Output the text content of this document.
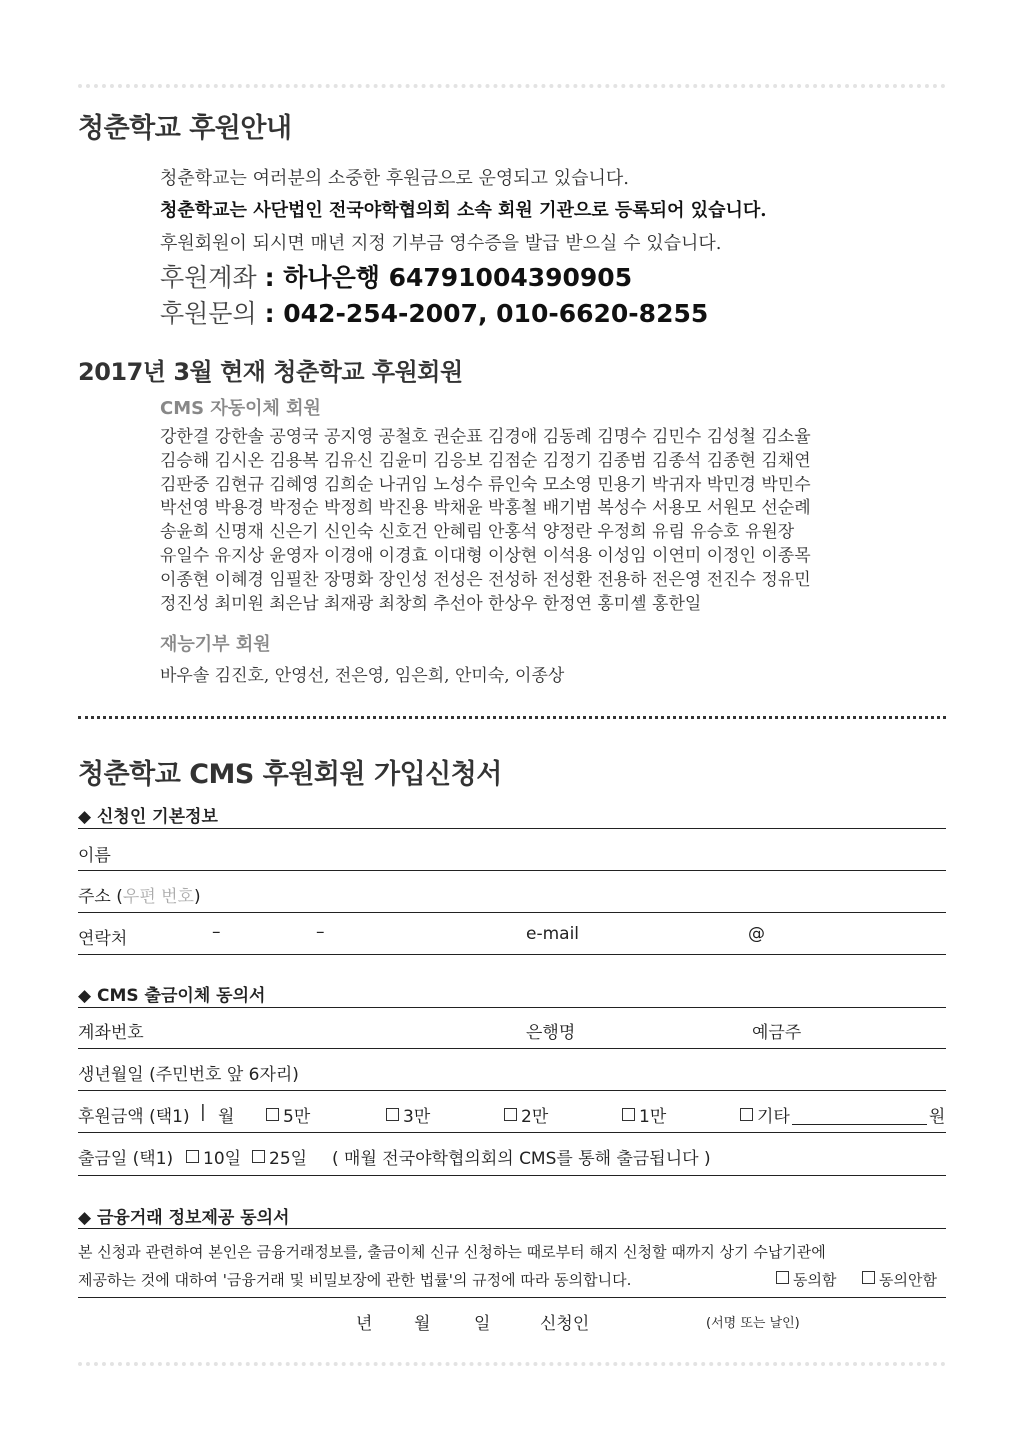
청춘학교 후원안내
청춘학교는 여러분의 소중한 후원금으로 운영되고 있습니다.
청춘학교는 사단법인 전국야학협의회 소속 회원 기관으로 등록되어 있습니다.
후원회원이 되시면 매년 지정 기부금 영수증을 발급 받으실 수 있습니다.
후원계좌 : 하나은행 64791004390905
후원문의 : 042-254-2007, 010-6620-8255
2017년 3월 현재 청춘학교 후원회원
CMS 자동이체 회원
강한결 강한솔 공영국 공지영 공철호 권순표 김경애 김동례 김명수 김민수 김성철 김소율
김승해 김시온 김용복 김유신 김윤미 김응보 김점순 김정기 김종범 김종석 김종현 김채연
김판중 김현규 김혜영 김희순 나귀임 노성수 류인숙 모소영 민용기 박귀자 박민경 박민수
박선영 박용경 박정순 박정희 박진용 박채윤 박홍철 배기범 복성수 서용모 서원모 선순례
송윤희 신명재 신은기 신인숙 신호건 안혜림 안홍석 양정란 우정희 유림 유승호 유원장
유일수 유지상 윤영자 이경애 이경효 이대형 이상현 이석용 이성임 이연미 이정인 이종목
이종현 이혜경 임필찬 장명화 장인성 전성은 전성하 전성환 전용하 전은영 전진수 정유민
정진성 최미원 최은남 최재광 최창희 추선아 한상우 한정연 홍미셸 홍한일
재능기부 회원
바우솔 김진호, 안영선, 전은영, 임은희, 안미숙, 이종상
청춘학교 CMS 후원회원 가입신청서
◆ 신청인 기본정보
이름
주소 (우편 번호)
연락처	–	–	e-mail	@
◆ CMS 출금이체 동의서
계좌번호	은행명	예금주
생년월일 (주민번호 앞 6자리)
후원금액 (택1) | 월	5만	3만	2만	1만	기타	원
출금일 (택1)	10일	25일 ( 매월 전국야학협의회의 CMS를 통해 출금됩니다 )
◆ 금융거래 정보제공 동의서
본 신청과 관련하여 본인은 금융거래정보를, 출금이체 신규 신청하는 때로부터 해지 신청할 때까지 상기 수납기관에
제공하는 것에 대하여 '금융거래 및 비밀보장에 관한 법률'의 규정에 따라 동의합니다.	동의함	동의안함
년 월	일	신청인	(서명 또는 날인)
